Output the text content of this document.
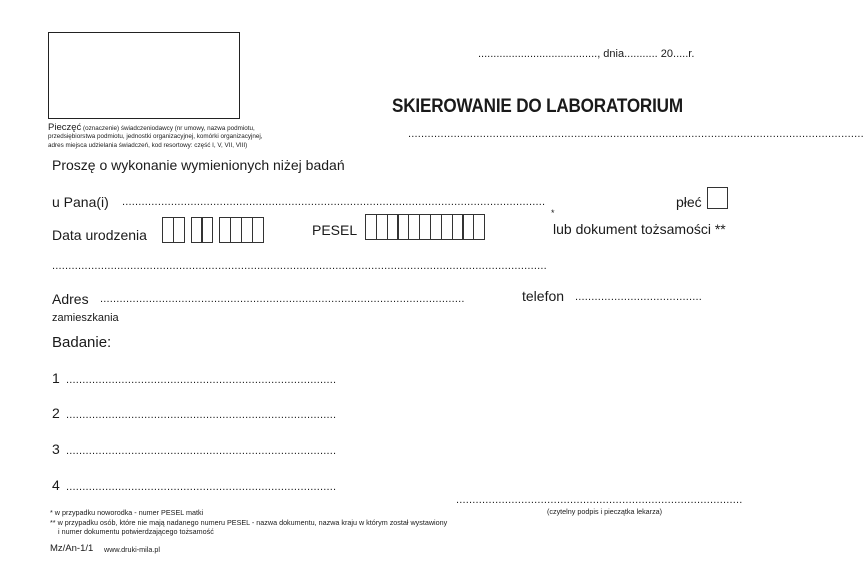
Pieczęć (oznaczenie) świadczeniodawcy (nr umowy, nazwa podmiotu, przedsiębiorstwa podmiotu, jednostki organizacyjnej, komórki organizacyjnej, adres miejsca udzielania świadczeń, kod resortowy: część I, V, VII, VIII)
......................................., dnia........... 20.....r.
SKIEROWANIE DO LABORATORIUM
............................................................................................................................................
Proszę o wykonanie wymienionych niżej badań
u Pana(i) ..................................................................................................................................	płeć
Data urodzenia	PESEL
*
lub dokument tożsamości **
........................................................................................................................................................
Adres
zamieszkania
................................................................................................................	telefon .......................................
Badanie:
1 ...................................................................................
2 ...................................................................................
3 ...................................................................................
4 ...................................................................................
........................................................................................
(czytelny podpis i pieczątka lekarza)
* w przypadku noworodka - numer PESEL matki
** w przypadku osób, które nie mają nadanego numeru PESEL - nazwa dokumentu, nazwa kraju w którym został wystawiony
i numer dokumentu potwierdzającego tożsamość
Mz/An-1/1 www.druki-mila.pl
